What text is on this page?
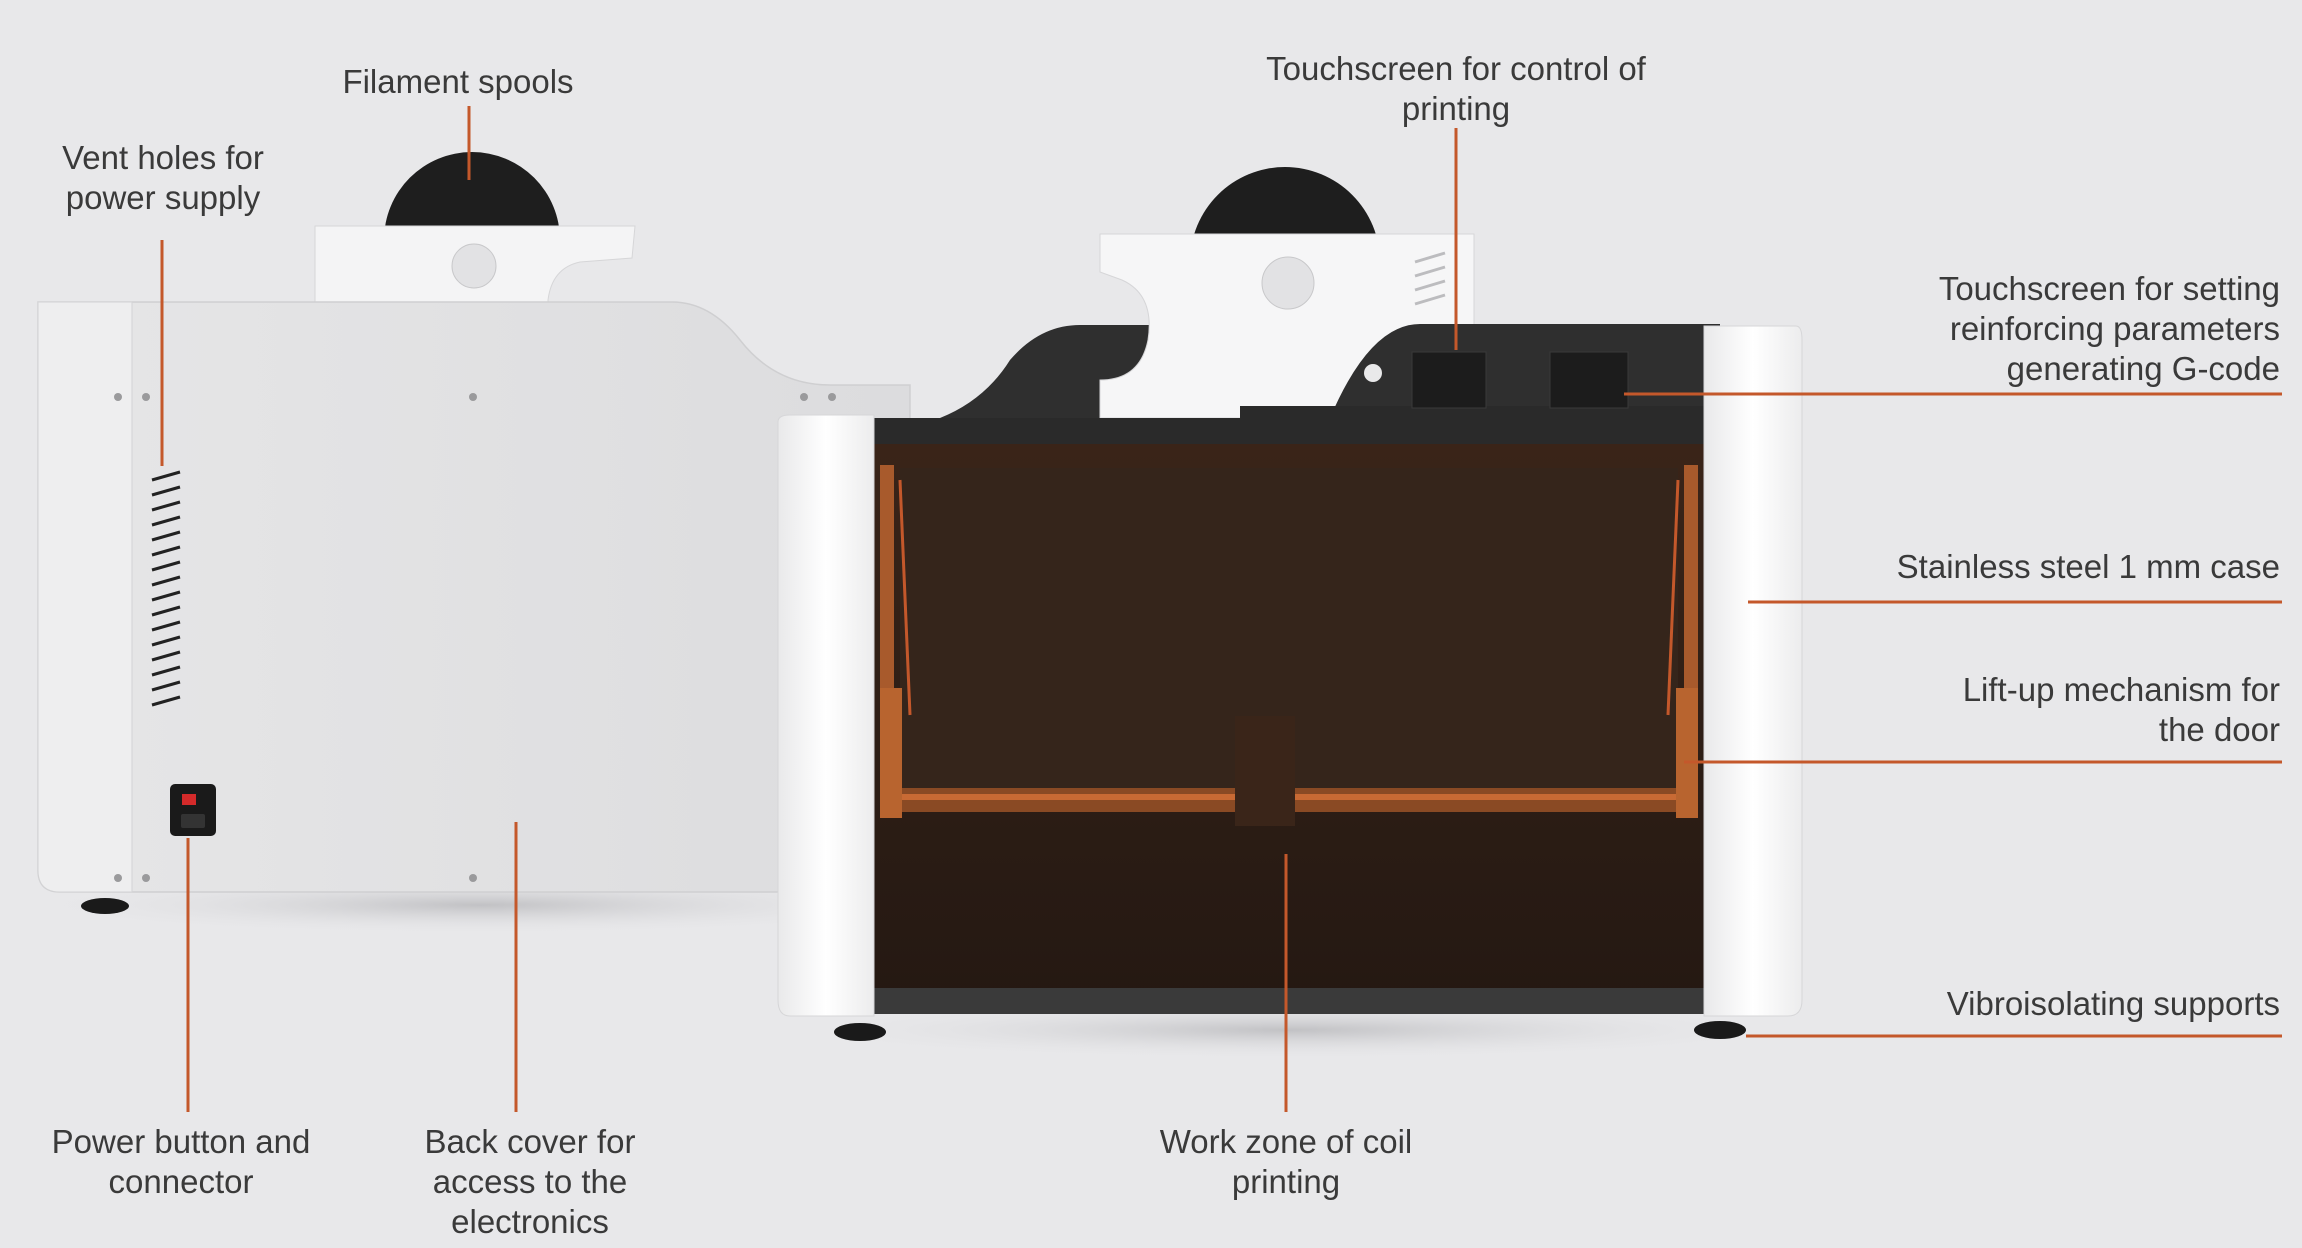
Filament spools
Vent holes for
power supply
Power button and
connector
Back cover for
access to the
electronics
Touchscreen for control of
printing
Touchscreen for setting
reinforcing parameters
generating G-code
Stainless steel 1 mm case
Lift-up mechanism for
the door
Vibroisolating supports
Work zone of coil
printing
